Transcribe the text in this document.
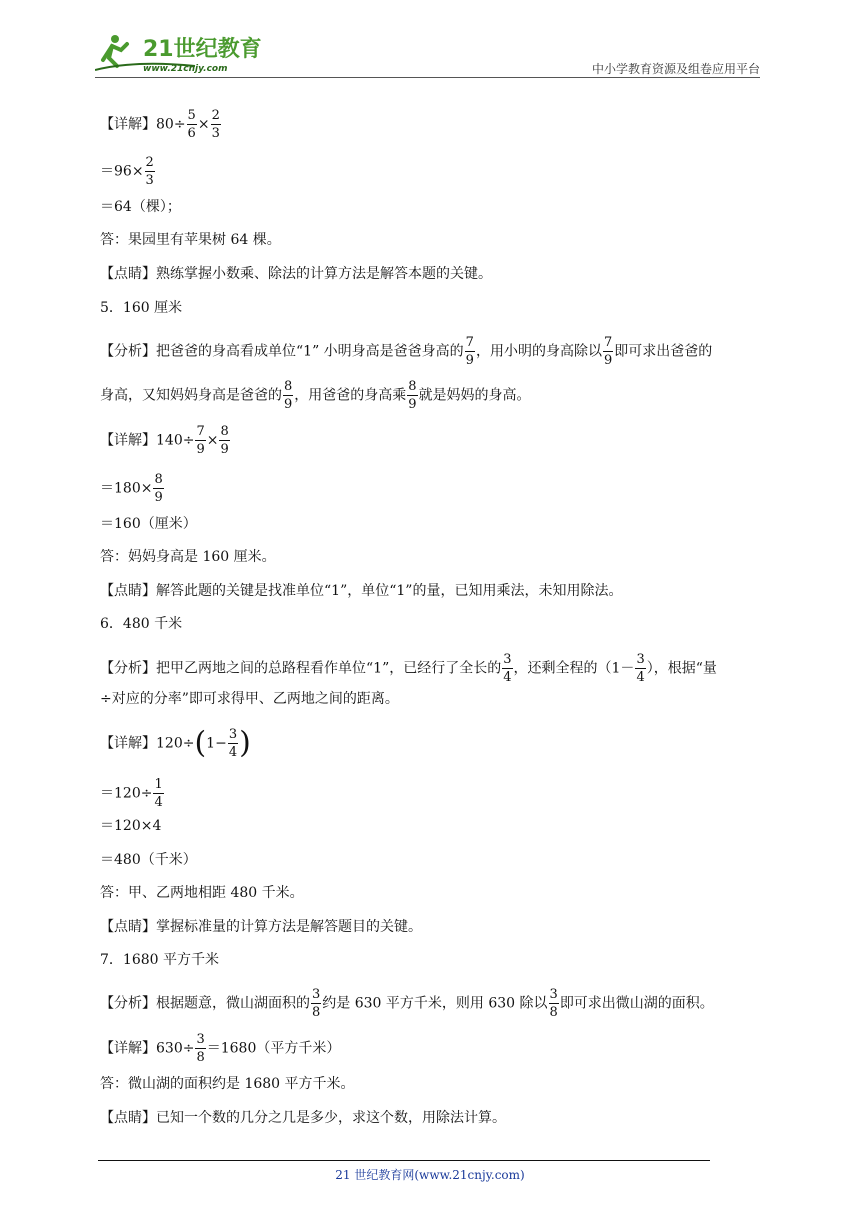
21世纪教育
www.21cnjy.com	中小学教育资源及组卷应用平台
【详解】$80\div \frac{5}{6} \times \frac{2}{3}$
$=96\times \frac{2}{3}$
＝64（棵）；
答：果园里有苹果树 64 棵。
【点睛】熟练掌握小数乘、除法的计算方法是解答本题的关键。
5．160 厘米
【分析】把爸爸的身高看成单位“1” 小明身高是爸爸身高的 $\frac{7}{9}$ ，用小明的身高除以 $\frac{7}{9}$ 即可求出爸爸的
身高，又知妈妈身高是爸爸的 $\frac{8}{9}$ ，用爸爸的身高乘 $\frac{8}{9}$ 就是妈妈的身高。
【详解】$140\div \frac{7}{9} \times \frac{8}{9}$
$=180\times \frac{8}{9}$
＝160（厘米）
答：妈妈身高是 160 厘米。
【点睛】解答此题的关键是找准单位“1”，单位“1”的量，已知用乘法，未知用除法。
6．480 千米
【分析】把甲乙两地之间的总路程看作单位“1”，已经行了全长的 $\frac{3}{4}$ ，还剩全程的（$1- \frac{3}{4}$ ），根据“量
÷对应的分率”即可求得甲、乙两地之间的距离。
【详解】$120\div(1- \frac{3}{4}$ )
$=120\div \frac{1}{4}$
＝120×4
＝480（千米）
答：甲、乙两地相距 480 千米。
【点睛】掌握标准量的计算方法是解答题目的关键。
7．1680 平方千米
【分析】根据题意，微山湖面积的 $\frac{3}{8}$ 约是 630 平方千米，则用 630 除以 $\frac{3}{8}$ 即可求出微山湖的面积。
【详解】$630\div \frac{3}{8} =1680$（平方千米）
答：微山湖的面积约是 1680 平方千米。
【点睛】已知一个数的几分之几是多少，求这个数，用除法计算。
21 世纪教育网(www.21cnjy.com)
